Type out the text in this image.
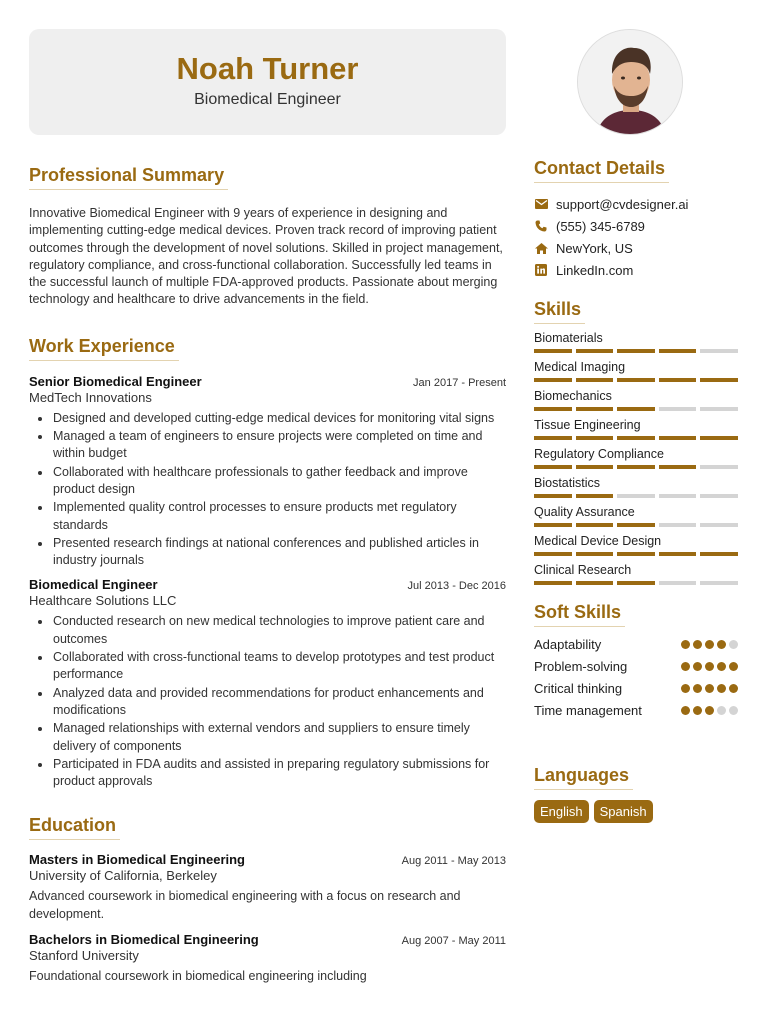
Noah Turner
Biomedical Engineer
Professional Summary

Innovative Biomedical Engineer with 9 years of experience in designing and implementing cutting-edge medical devices. Proven track record of improving patient outcomes through the development of novel solutions. Skilled in project management, regulatory compliance, and cross-functional collaboration. Successfully led teams in the successful launch of multiple FDA-approved products. Passionate about merging technology and healthcare to drive advancements in the field.

Work Experience
Senior Biomedical Engineer	Jan 2017 - Present
MedTech Innovations
Designed and developed cutting-edge medical devices for monitoring vital signs
Managed a team of engineers to ensure projects were completed on time and within budget
Collaborated with healthcare professionals to gather feedback and improve product design
Implemented quality control processes to ensure products met regulatory standards
Presented research findings at national conferences and published articles in industry journals
Biomedical Engineer	Jul 2013 - Dec 2016
Healthcare Solutions LLC
Conducted research on new medical technologies to improve patient care and outcomes
Collaborated with cross-functional teams to develop prototypes and test product performance
Analyzed data and provided recommendations for product enhancements and modifications
Managed relationships with external vendors and suppliers to ensure timely delivery of components
Participated in FDA audits and assisted in preparing regulatory submissions for product approvals
Education
Masters in Biomedical Engineering	Aug 2011 - May 2013
University of California, Berkeley

Advanced coursework in biomedical engineering with a focus on research and development.

Bachelors in Biomedical Engineering	Aug 2007 - May 2011
Stanford University

Foundational coursework in biomedical engineering including

Contact Details
support@cvdesigner.ai
(555) 345-6789
NewYork, US
LinkedIn.com
Skills
Biomaterials
Medical Imaging
Biomechanics
Tissue Engineering
Regulatory Compliance
Biostatistics
Quality Assurance
Medical Device Design
Clinical Research
Soft Skills
Adaptability
Problem-solving
Critical thinking
Time management
Languages
English	Spanish
